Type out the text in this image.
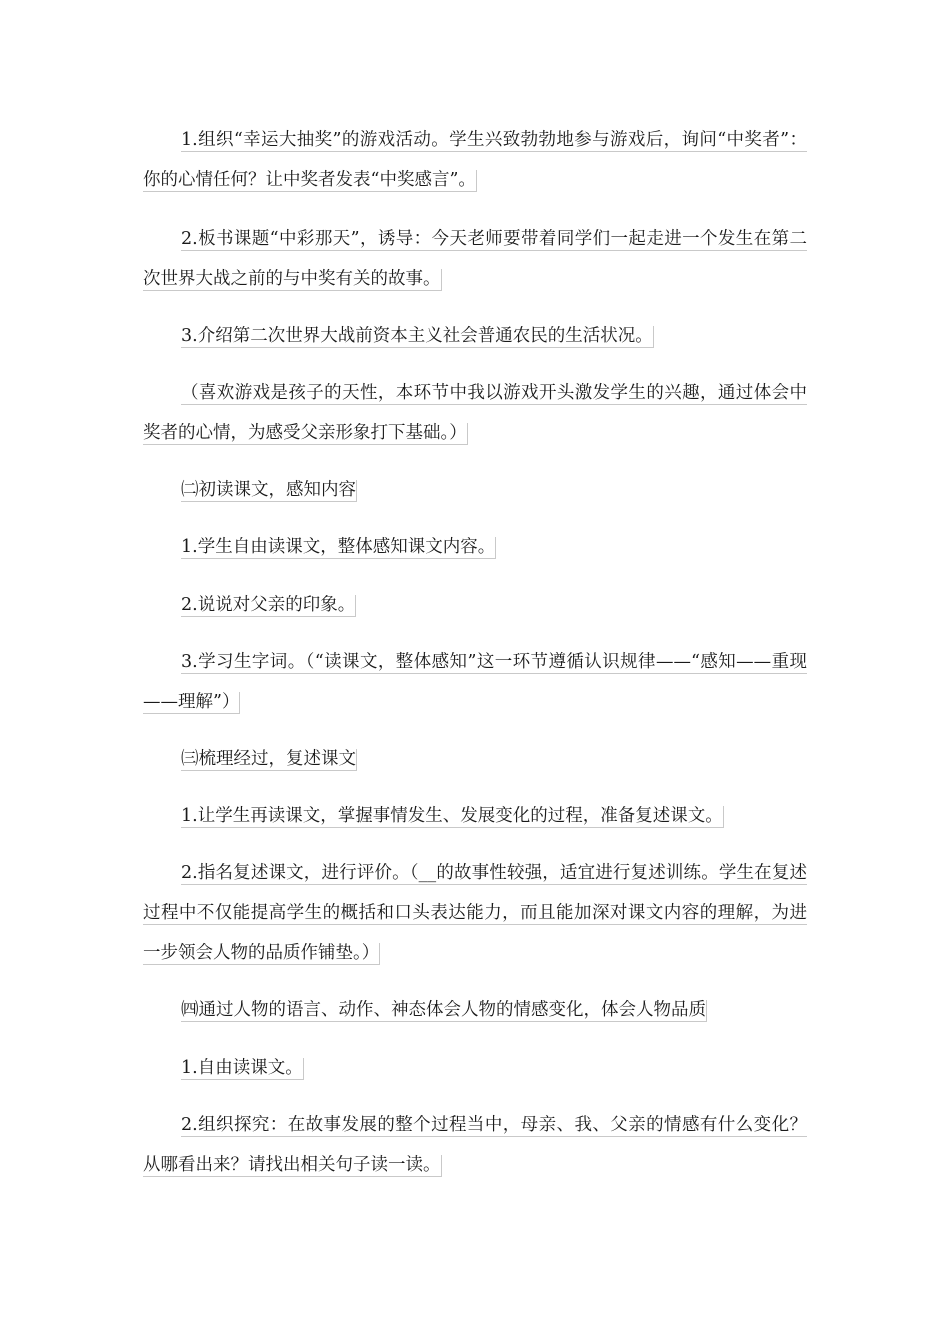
1.组织“幸运大抽奖”的游戏活动。学生兴致勃勃地参与游戏后，询问“中奖者”：你的心情任何？让中奖者发表“中奖感言”。

2.板书课题“中彩那天”，诱导：今天老师要带着同学们一起走进一个发生在第二次世界大战之前的与中奖有关的故事。

3.介绍第二次世界大战前资本主义社会普通农民的生活状况。

（喜欢游戏是孩子的天性，本环节中我以游戏开头激发学生的兴趣，通过体会中奖者的心情，为感受父亲形象打下基础。）

㈡初读课文，感知内容

1.学生自由读课文，整体感知课文内容。

2.说说对父亲的印象。

3.学习生字词。（“读课文，整体感知”这一环节遵循认识规律——“感知——重现——理解”）

㈢梳理经过，复述课文

1.让学生再读课文，掌握事情发生、发展变化的过程，准备复述课文。

2.指名复述课文，进行评价。（__的故事性较强，适宜进行复述训练。学生在复述过程中不仅能提高学生的概括和口头表达能力，而且能加深对课文内容的理解，为进一步领会人物的品质作铺垫。）

㈣通过人物的语言、动作、神态体会人物的情感变化，体会人物品质

1.自由读课文。

2.组织探究：在故事发展的整个过程当中，母亲、我、父亲的情感有什么变化？从哪看出来？请找出相关句子读一读。
